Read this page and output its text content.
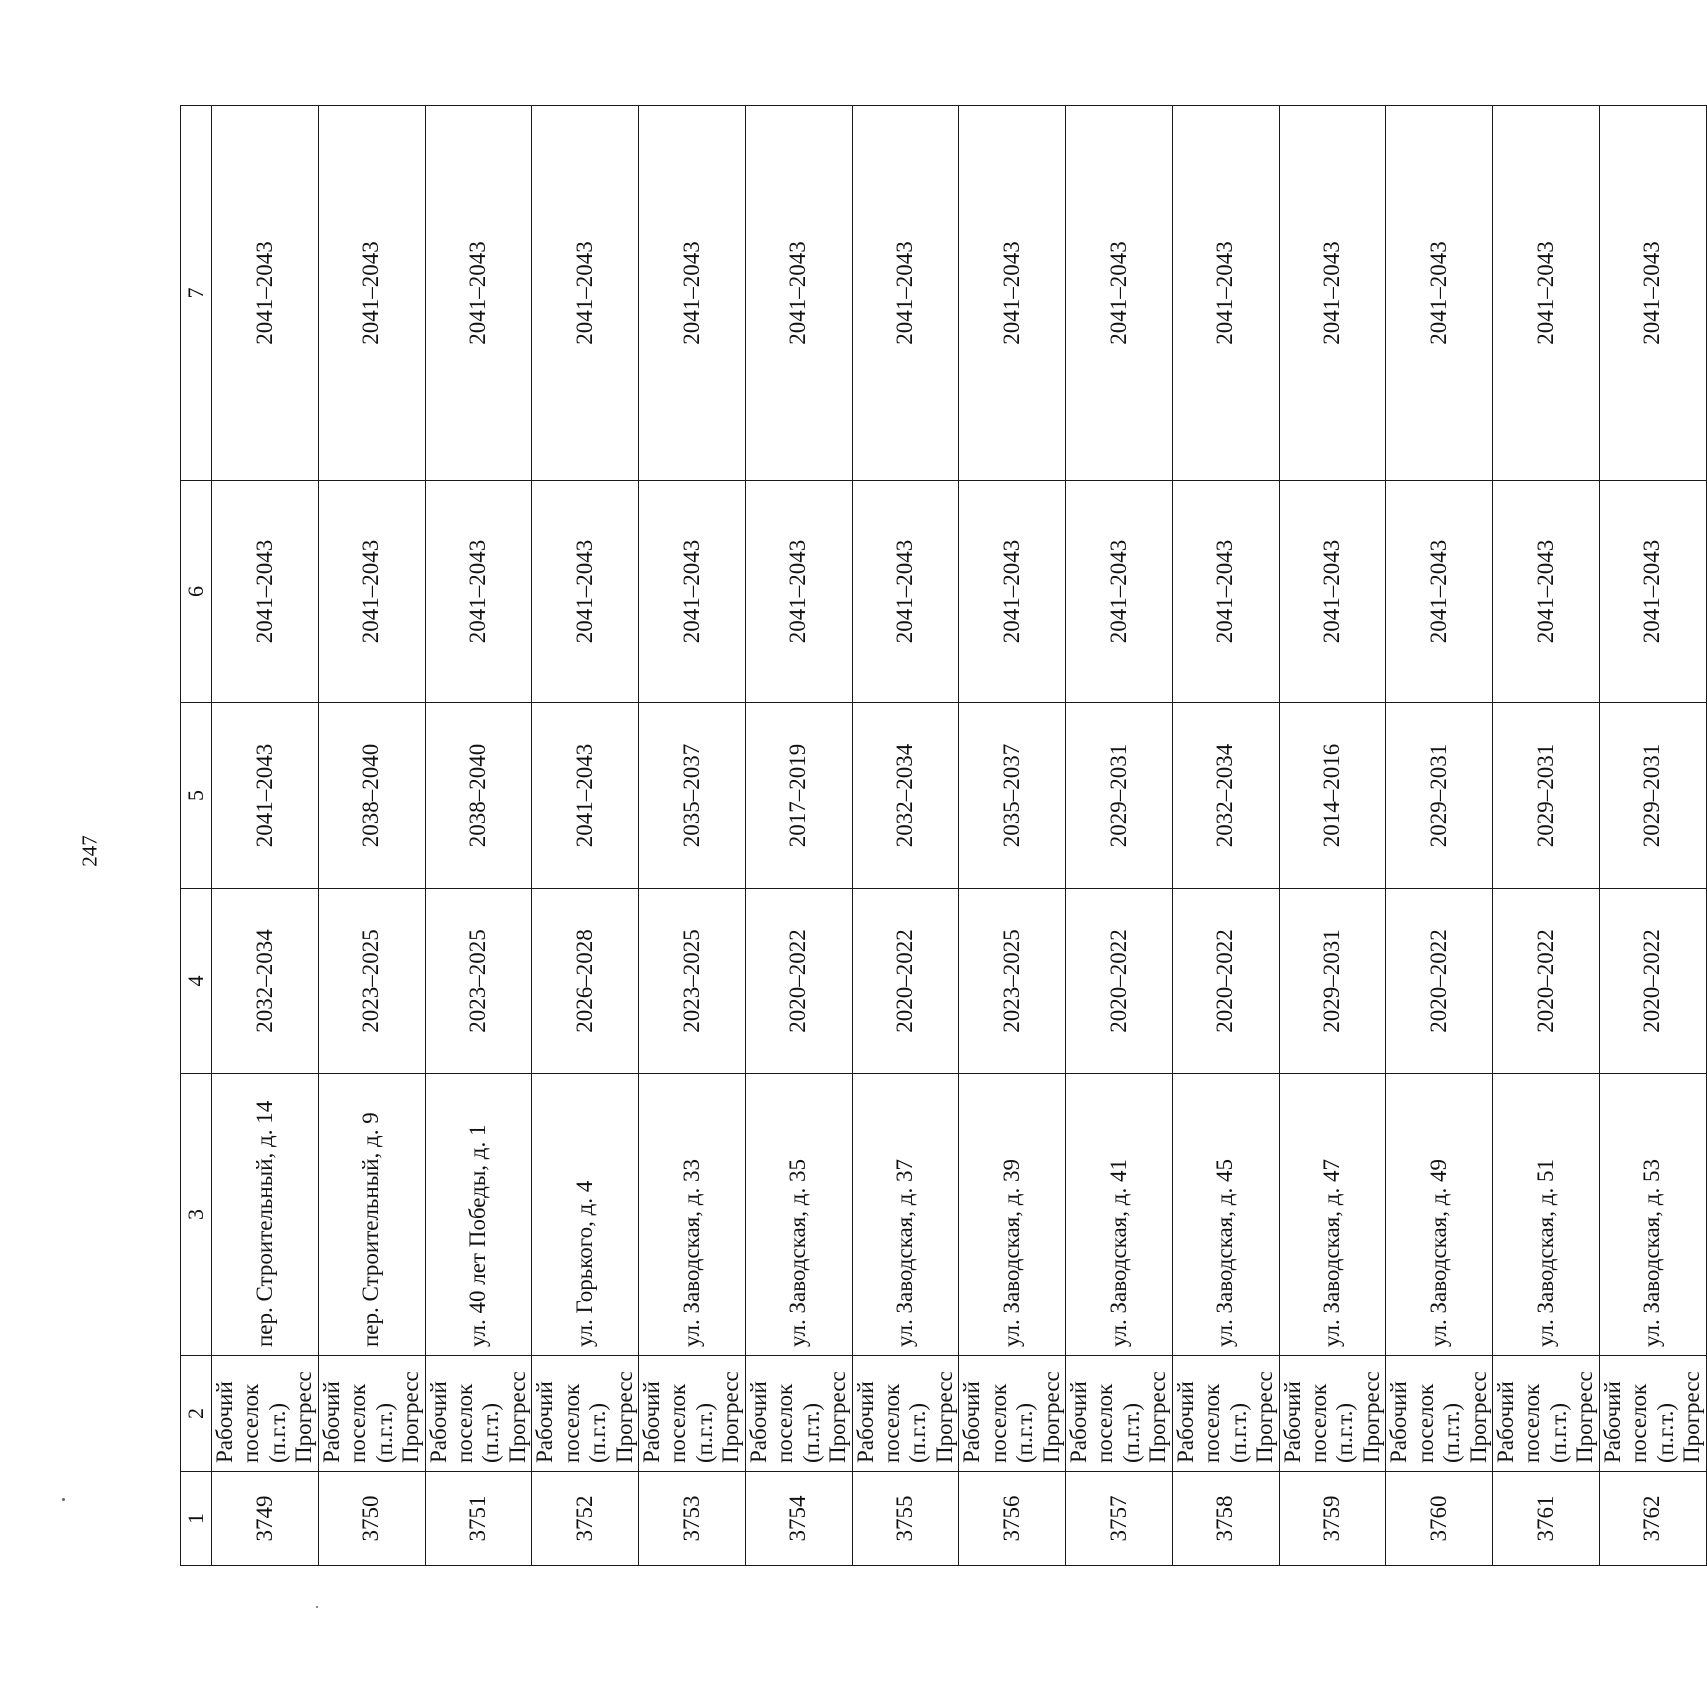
247
1	2	3	4	5	6	7
3749	Рабочий поселок (п.г.т.) Прогресс	пер. Строительный, д. 14	2032–2034	2041–2043	2041–2043	2041–2043
3750	Рабочий поселок (п.г.т.) Прогресс	пер. Строительный, д. 9	2023–2025	2038–2040	2041–2043	2041–2043
3751	Рабочий поселок (п.г.т.) Прогресс	ул. 40 лет Победы, д. 1	2023–2025	2038–2040	2041–2043	2041–2043
3752	Рабочий поселок (п.г.т.) Прогресс	ул. Горького, д. 4	2026–2028	2041–2043	2041–2043	2041–2043
3753	Рабочий поселок (п.г.т.) Прогресс	ул. Заводская, д. 33	2023–2025	2035–2037	2041–2043	2041–2043
3754	Рабочий поселок (п.г.т.) Прогресс	ул. Заводская, д. 35	2020–2022	2017–2019	2041–2043	2041–2043
3755	Рабочий поселок (п.г.т.) Прогресс	ул. Заводская, д. 37	2020–2022	2032–2034	2041–2043	2041–2043
3756	Рабочий поселок (п.г.т.) Прогресс	ул. Заводская, д. 39	2023–2025	2035–2037	2041–2043	2041–2043
3757	Рабочий поселок (п.г.т.) Прогресс	ул. Заводская, д. 41	2020–2022	2029–2031	2041–2043	2041–2043
3758	Рабочий поселок (п.г.т.) Прогресс	ул. Заводская, д. 45	2020–2022	2032–2034	2041–2043	2041–2043
3759	Рабочий поселок (п.г.т.) Прогресс	ул. Заводская, д. 47	2029–2031	2014–2016	2041–2043	2041–2043
3760	Рабочий поселок (п.г.т.) Прогресс	ул. Заводская, д. 49	2020–2022	2029–2031	2041–2043	2041–2043
3761	Рабочий поселок (п.г.т.) Прогресс	ул. Заводская, д. 51	2020–2022	2029–2031	2041–2043	2041–2043
3762	Рабочий поселок (п.г.т.) Прогресс	ул. Заводская, д. 53	2020–2022	2029–2031	2041–2043	2041–2043
